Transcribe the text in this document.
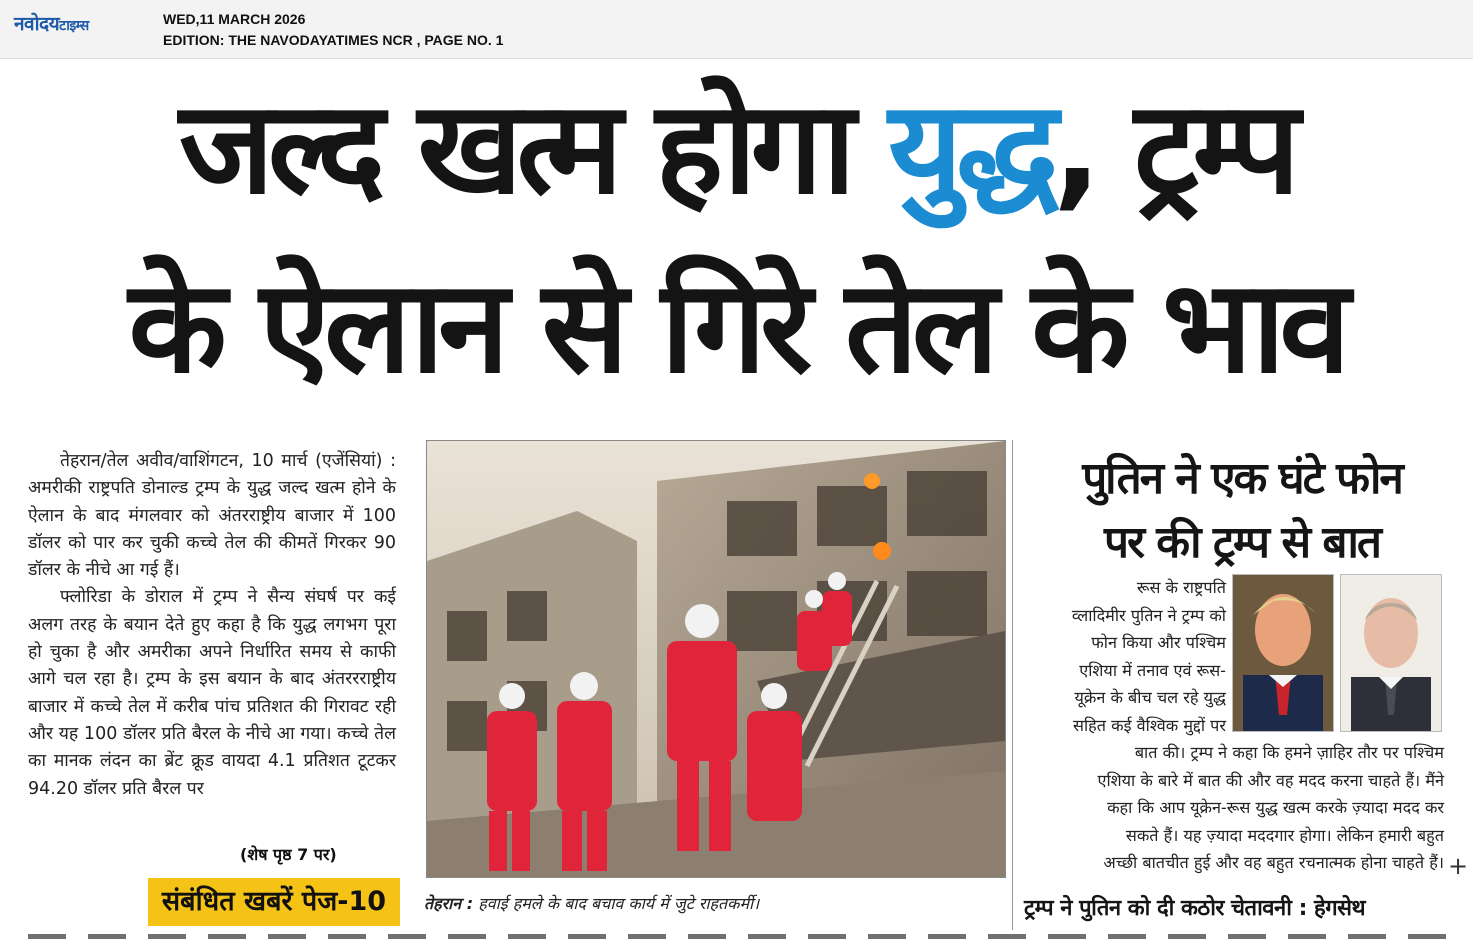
नवोदयटाइम्स	WED,11 MARCH 2026
EDITION: THE NAVODAYATIMES NCR , PAGE NO. 1
जल्द खत्म होगा युद्ध, ट्रम्प
के ऐलान से गिरे तेल के भाव

तेहरान/तेल अवीव/वाशिंगटन, 10 मार्च (एजेंसियां) : अमरीकी राष्ट्रपति डोनाल्ड ट्रम्प के युद्ध जल्द खत्म होने के ऐलान के बाद मंगलवार को अंतरराष्ट्रीय बाजार में 100 डॉलर को पार कर चुकी कच्चे तेल की कीमतें गिरकर 90 डॉलर के नीचे आ गई हैं।

फ्लोरिडा के डोराल में ट्रम्प ने सैन्य संघर्ष पर कई अलग तरह के बयान देते हुए कहा है कि युद्ध लगभग पूरा हो चुका है और अमरीका अपने निर्धारित समय से काफी आगे चल रहा है। ट्रम्प के इस बयान के बाद अंतररराष्ट्रीय बाजार में कच्चे तेल में करीब पांच प्रतिशत की गिरावट रही और यह 100 डॉलर प्रति बैरल के नीचे आ गया। कच्चे तेल का मानक लंदन का ब्रेंट क्रूड वायदा 4.1 प्रतिशत टूटकर 94.20 डॉलर प्रति बैरल पर

(शेष पृष्ठ 7 पर)
संबंधित खबरें पेज-10	तेहरान : हवाई हमले के बाद बचाव कार्य में जुटे राहतकर्मी।
पुतिन ने एक घंटे फोन
पर की ट्रम्प से बात
रूस के राष्ट्रपति
व्लादिमीर पुतिन ने ट्रम्प को
फोन किया और पश्चिम
एशिया में तनाव एवं रूस-
यूक्रेन के बीच चल रहे युद्ध
सहित कई वैश्विक मुद्दों पर
बात की। ट्रम्प ने कहा कि हमने ज़ाहिर तौर पर पश्चिम
एशिया के बारे में बात की और वह मदद करना चाहते हैं। मैंने
कहा कि आप यूक्रेन-रूस युद्ध खत्म करके ज़्यादा मदद कर
सकते हैं। यह ज़्यादा मददगार होगा। लेकिन हमारी बहुत
अच्छी बातचीत हुई और वह बहुत रचनात्मक होना चाहते हैं। +
ट्रम्प ने पुतिन को दी कठोर चेतावनी : हेगसेथ
